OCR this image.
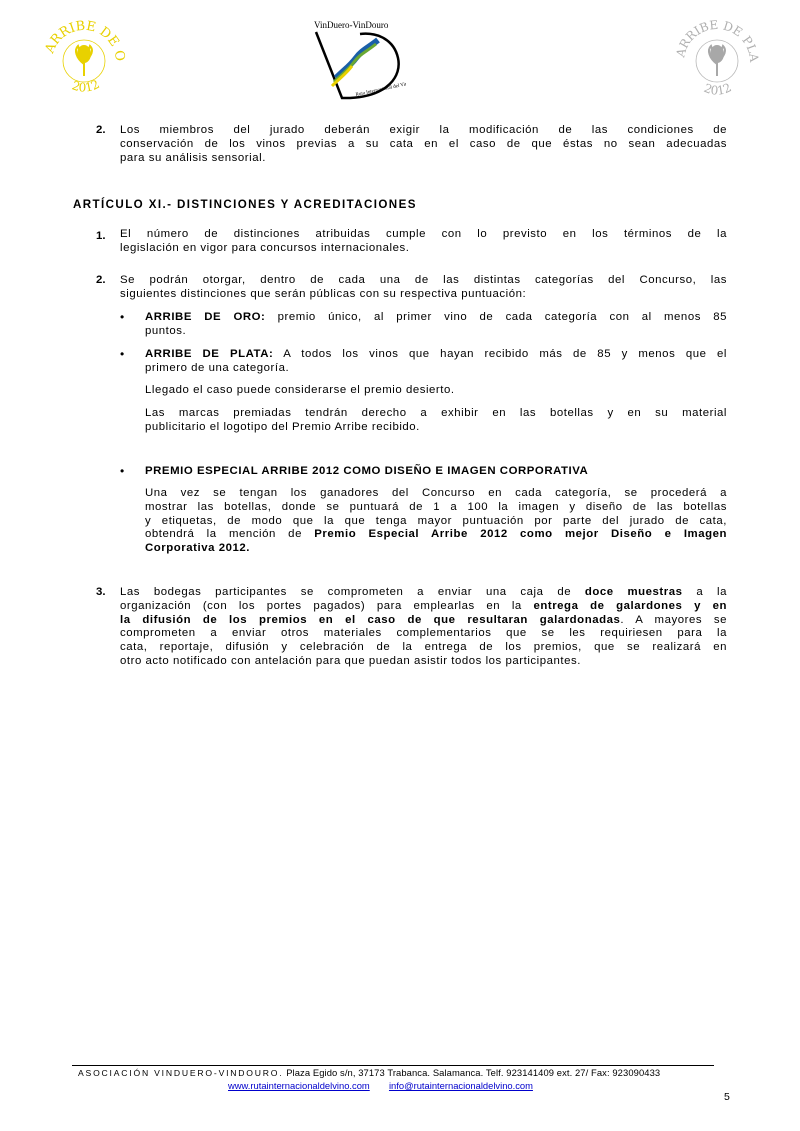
ARRIBE DE O
2012
VinDuero-VinDouro
Ruta Internacional del Vino
ARRIBE DE PLA
2012
2. Los miembros del jurado deberán exigir la modificación de las condiciones de
conservación de los vinos previas a su cata en el caso de que éstas no sean adecuadas
para su análisis sensorial.
ARTÍCULO XI.- DISTINCIONES Y ACREDITACIONES
1. El número de distinciones atribuidas cumple con lo previsto en los términos de la
legislación en vigor para concursos internacionales.
2. Se podrán otorgar, dentro de cada una de las distintas categorías del Concurso, las
siguientes distinciones que serán públicas con su respectiva puntuación:
• ARRIBE DE ORO: premio único, al primer vino de cada categoría con al menos 85
puntos.
• ARRIBE DE PLATA: A todos los vinos que hayan recibido más de 85 y menos que el
primero de una categoría.
Llegado el caso puede considerarse el premio desierto.
Las marcas premiadas tendrán derecho a exhibir en las botellas y en su material
publicitario el logotipo del Premio Arribe recibido.
• PREMIO ESPECIAL ARRIBE 2012 COMO DISEÑO E IMAGEN CORPORATIVA
Una vez se tengan los ganadores del Concurso en cada categoría, se procederá a
mostrar las botellas, donde se puntuará de 1 a 100 la imagen y diseño de las botellas
y etiquetas, de modo que la que tenga mayor puntuación por parte del jurado de cata,
obtendrá la mención de Premio Especial Arribe 2012 como mejor Diseño e Imagen
Corporativa 2012.
3. Las bodegas participantes se comprometen a enviar una caja de doce muestras a la
organización (con los portes pagados) para emplearlas en la entrega de galardones y en
la difusión de los premios en el caso de que resultaran galardonadas. A mayores se
comprometen a enviar otros materiales complementarios que se les requiriesen para la
cata, reportaje, difusión y celebración de la entrega de los premios, que se realizará en
otro acto notificado con antelación para que puedan asistir todos los participantes.
ASOCIACIÓN VINDUERO-VINDOURO. Plaza Egido s/n, 37173 Trabanca. Salamanca. Telf. 923141409 ext. 27/ Fax: 923090433
www.rutainternacionaldelvino.com info@rutainternacionaldelvino.com
5
